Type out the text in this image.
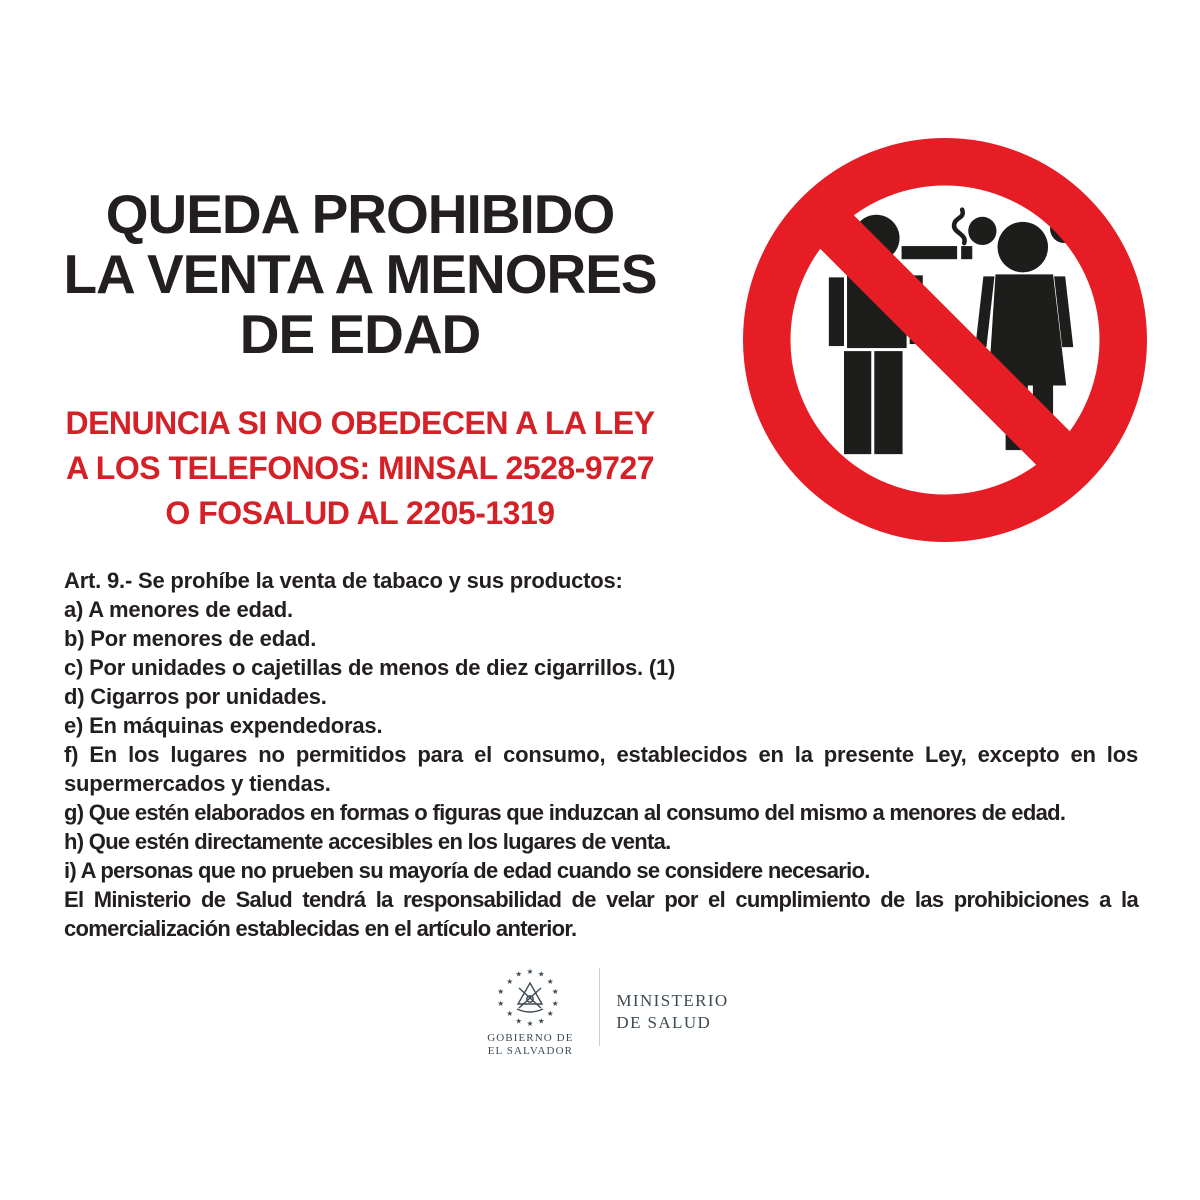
QUEDA PROHIBIDO
LA VENTA A MENORES
DE EDAD
DENUNCIA SI NO OBEDECEN A LA LEY
A LOS TELEFONOS: MINSAL 2528-9727
O FOSALUD AL 2205-1319
Art. 9.- Se prohíbe la venta de tabaco y sus productos:
a) A menores de edad.
b) Por menores de edad.
c) Por unidades o cajetillas de menos de diez cigarrillos. (1)
d) Cigarros por unidades.
e) En máquinas expendedoras.
f) En los lugares no permitidos para el consumo, establecidos en la presente Ley, excepto en los supermercados y tiendas.
g) Que estén elaborados en formas o figuras que induzcan al consumo del mismo a menores de edad.
h) Que estén directamente accesibles en los lugares de venta.
i) A personas que no prueben su mayoría de edad cuando se considere necesario.
El Ministerio de Salud tendrá la responsabilidad de velar por el cumplimiento de las prohibiciones a la comercialización establecidas en el artículo anterior.
★ ★
★
★
★
★
★
★
★
★
★
★
★
★
GOBIERNO DE
EL SALVADOR
MINISTERIO
DE SALUD
